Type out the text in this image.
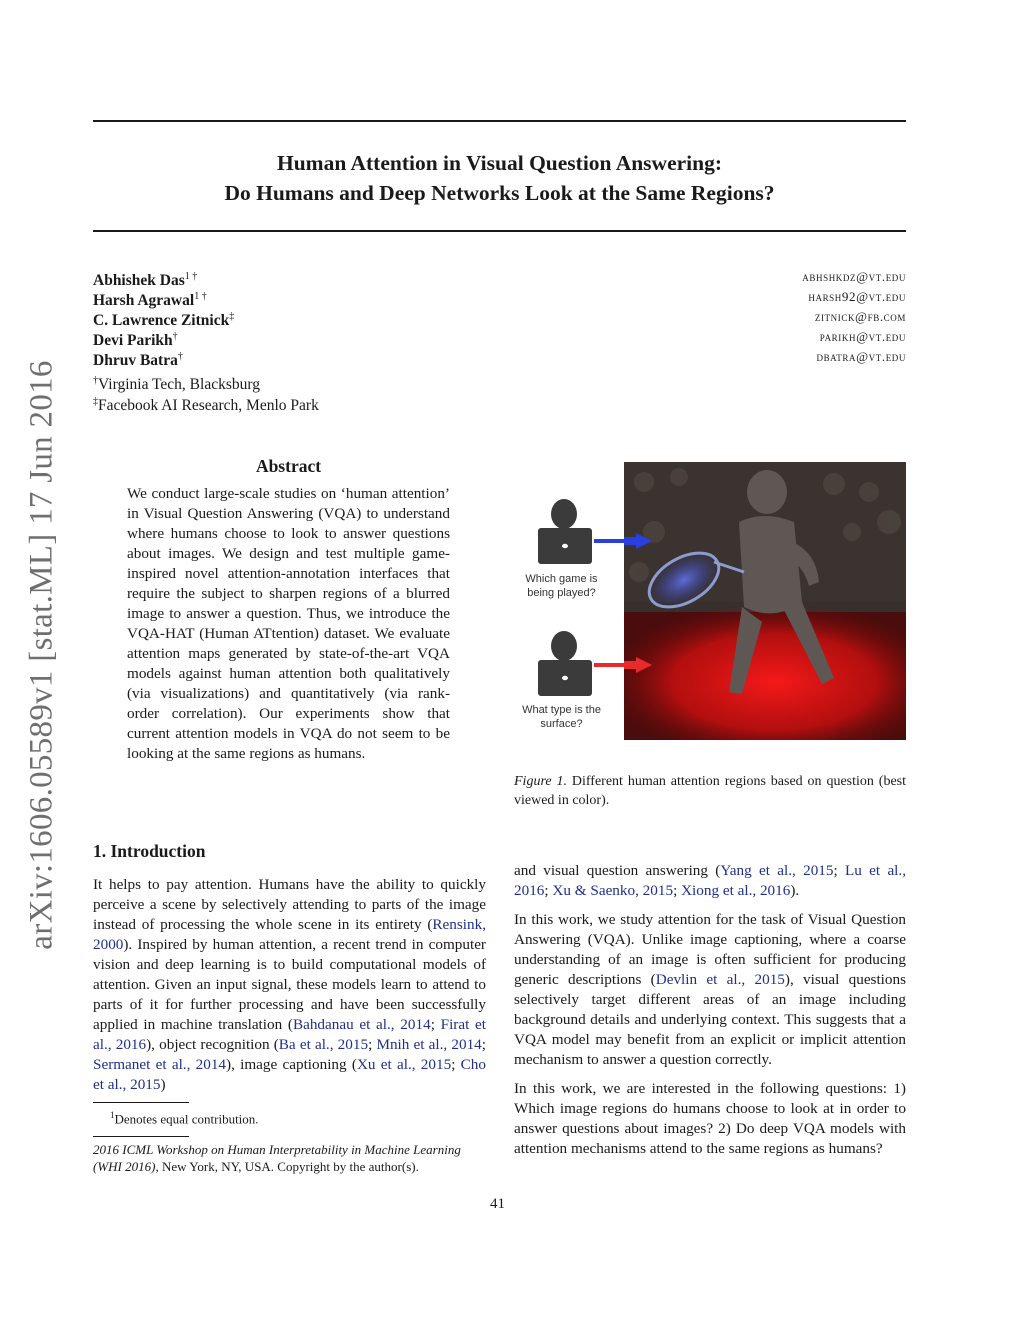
arXiv:1606.05589v1 [stat.ML] 17 Jun 2016
Human Attention in Visual Question Answering:
Do Humans and Deep Networks Look at the Same Regions?
Abhishek Das$^{1 \dagger}$
Harsh Agrawal$^{1 \dagger}$
C. Lawrence Zitnick‡
Devi Parikh†
Dhruv Batra†
†Virginia Tech, Blacksburg
‡Facebook AI Research, Menlo Park
abhshkdz@vt.edu
harsh92@vt.edu
zitnick@fb.com
parikh@vt.edu
dbatra@vt.edu
Abstract
We conduct large-scale studies on ‘human attention’ in Visual Question Answering (VQA) to understand where humans choose to look to answer questions about images. We design and test multiple game-inspired novel attention-annotation interfaces that require the subject to sharpen regions of a blurred image to answer a question. Thus, we introduce the VQA-HAT (Human ATtention) dataset. We evaluate attention maps generated by state-of-the-art VQA models against human attention both qualitatively (via visualizations) and quantitatively (via rank-order correlation). Our experiments show that current attention models in VQA do not seem to be looking at the same regions as humans.
Which game is being played?
What type is the surface?
Figure 1. Different human attention regions based on question (best viewed in color).
1. Introduction

It helps to pay attention. Humans have the ability to quickly perceive a scene by selectively attending to parts of the image instead of processing the whole scene in its entirety (Rensink, 2000). Inspired by human attention, a recent trend in computer vision and deep learning is to build computational models of attention. Given an input signal, these models learn to attend to parts of it for further processing and have been successfully applied in machine translation (Bahdanau et al., 2014; Firat et al., 2016), object recognition (Ba et al., 2015; Mnih et al., 2014; Sermanet et al., 2014), image captioning (Xu et al., 2015; Cho et al., 2015)

and visual question answering (Yang et al., 2015; Lu et al., 2016; Xu & Saenko, 2015; Xiong et al., 2016).

In this work, we study attention for the task of Visual Question Answering (VQA). Unlike image captioning, where a coarse understanding of an image is often sufficient for producing generic descriptions (Devlin et al., 2015), visual questions selectively target different areas of an image including background details and underlying context. This suggests that a VQA model may benefit from an explicit or implicit attention mechanism to answer a question correctly.

In this work, we are interested in the following questions: 1) Which image regions do humans choose to look at in order to answer questions about images? 2) Do deep VQA models with attention mechanisms attend to the same regions as humans?

$^1$Denotes equal contribution.
2016 ICML Workshop on Human Interpretability in Machine Learning (WHI 2016), New York, NY, USA. Copyright by the author(s).
41
